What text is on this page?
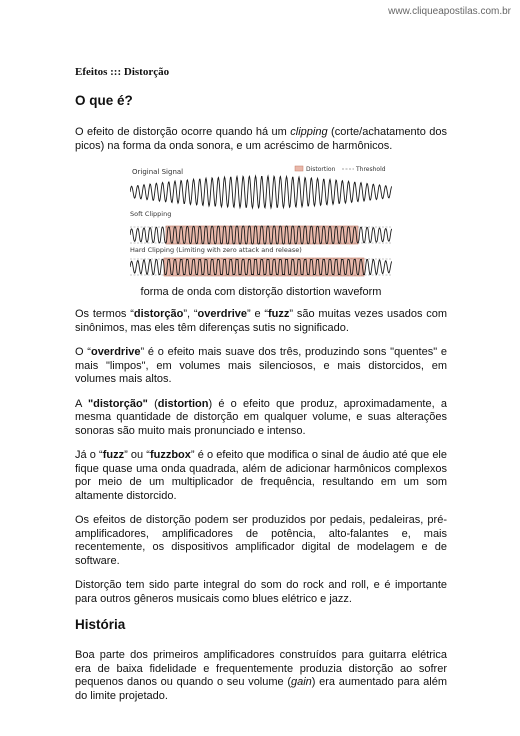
www.cliqueapostilas.com.br
Efeitos ::: Distorção
O que é?

O efeito de distorção ocorre quando há um clipping (corte/achatamento dos picos) na forma da onda sonora, e um acréscimo de harmônicos.

Distortion	Threshold
Original Signal
Soft Clipping
Hard Clipping (Limiting with zero attack and release)
forma de onda com distorção distortion waveform

Os termos “distorção”, “overdrive” e “fuzz” são muitas vezes usados com sinônimos, mas eles têm diferenças sutis no significado.

O “overdrive” é o efeito mais suave dos três, produzindo sons "quentes" e mais "limpos", em volumes mais silenciosos, e mais distorcidos, em volumes mais altos.

A "distorção" (distortion) é o efeito que produz, aproximadamente, a mesma quantidade de distorção em qualquer volume, e suas alterações sonoras são muito mais pronunciado e intenso.

Já o “fuzz” ou “fuzzbox” é o efeito que modifica o sinal de áudio até que ele fique quase uma onda quadrada, além de adicionar harmônicos complexos por meio de um multiplicador de frequência, resultando em um som altamente distorcido.

Os efeitos de distorção podem ser produzidos por pedais, pedaleiras, pré-amplificadores, amplificadores de potência, alto-falantes e, mais recentemente, os dispositivos amplificador digital de modelagem e de software.

Distorção tem sido parte integral do som do rock and roll, e é importante para outros gêneros musicais como blues elétrico e jazz.

História

Boa parte dos primeiros amplificadores construídos para guitarra elétrica era de baixa fidelidade e frequentemente produzia distorção ao sofrer pequenos danos ou quando o seu volume (gain) era aumentado para além do limite projetado.
